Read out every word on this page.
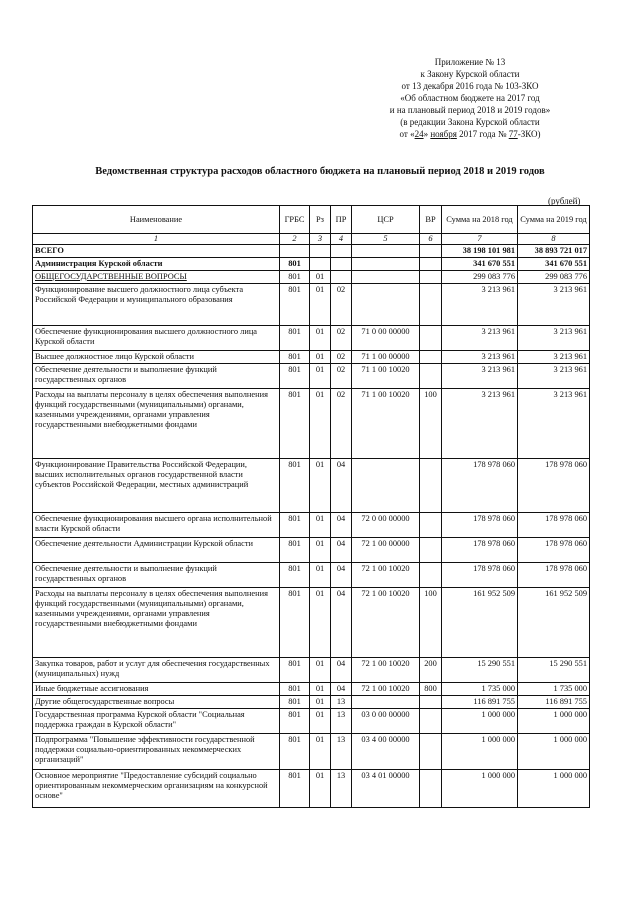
Приложение № 13
к Закону Курской области
от 13 декабря 2016 года № 103-ЗКО
«Об областном бюджете на 2017 год
и на плановый период 2018 и 2019 годов»
(в редакции Закона Курской области
от «24» ноября 2017 года № 77-ЗКО)
Ведомственная структура расходов областного бюджета на плановый период 2018 и 2019 годов
(рублей)
Наименование	ГРБС	Рз	ПР	ЦСР	ВР	Сумма на 2018 год	Сумма на 2019 год
1	2	3	4	5	6	7	8
ВСЕГО						38 198 101 981	38 893 721 017
Администрация Курской области	801					341 670 551	341 670 551
ОБЩЕГОСУДАРСТВЕННЫЕ ВОПРОСЫ	801	01				299 083 776	299 083 776
Функционирование высшего должностного лица субъекта Российской Федерации и муниципального образования	801	01	02			3 213 961	3 213 961
Обеспечение функционирования высшего должностного лица Курской области	801	01	02	71 0 00 00000		3 213 961	3 213 961
Высшее должностное лицо Курской области	801	01	02	71 1 00 00000		3 213 961	3 213 961
Обеспечение деятельности и выполнение функций государственных органов	801	01	02	71 1 00 10020		3 213 961	3 213 961
Расходы на выплаты персоналу в целях обеспечения выполнения функций государственными (муниципальными) органами, казенными учреждениями, органами управления государственными внебюджетными фондами	801	01	02	71 1 00 10020	100	3 213 961	3 213 961
Функционирование Правительства Российской Федерации, высших исполнительных органов государственной власти субъектов Российской Федерации, местных администраций	801	01	04			178 978 060	178 978 060
Обеспечение функционирования высшего органа исполнительной власти Курской области	801	01	04	72 0 00 00000		178 978 060	178 978 060
Обеспечение деятельности Администрации Курской области	801	01	04	72 1 00 00000		178 978 060	178 978 060
Обеспечение деятельности и выполнение функций государственных органов	801	01	04	72 1 00 10020		178 978 060	178 978 060
Расходы на выплаты персоналу в целях обеспечения выполнения функций государственными (муниципальными) органами, казенными учреждениями, органами управления государственными внебюджетными фондами	801	01	04	72 1 00 10020	100	161 952 509	161 952 509
Закупка товаров, работ и услуг для обеспечения государственных (муниципальных) нужд	801	01	04	72 1 00 10020	200	15 290 551	15 290 551
Иные бюджетные ассигнования	801	01	04	72 1 00 10020	800	1 735 000	1 735 000
Другие общегосударственные вопросы	801	01	13			116 891 755	116 891 755
Государственная программа Курской области "Социальная поддержка граждан в Курской области"	801	01	13	03 0 00 00000		1 000 000	1 000 000
Подпрограмма "Повышение эффективности государственной поддержки социально-ориентированных некоммерческих организаций"	801	01	13	03 4 00 00000		1 000 000	1 000 000
Основное мероприятие "Предоставление субсидий социально ориентированным некоммерческим организациям на конкурсной основе"	801	01	13	03 4 01 00000		1 000 000	1 000 000
